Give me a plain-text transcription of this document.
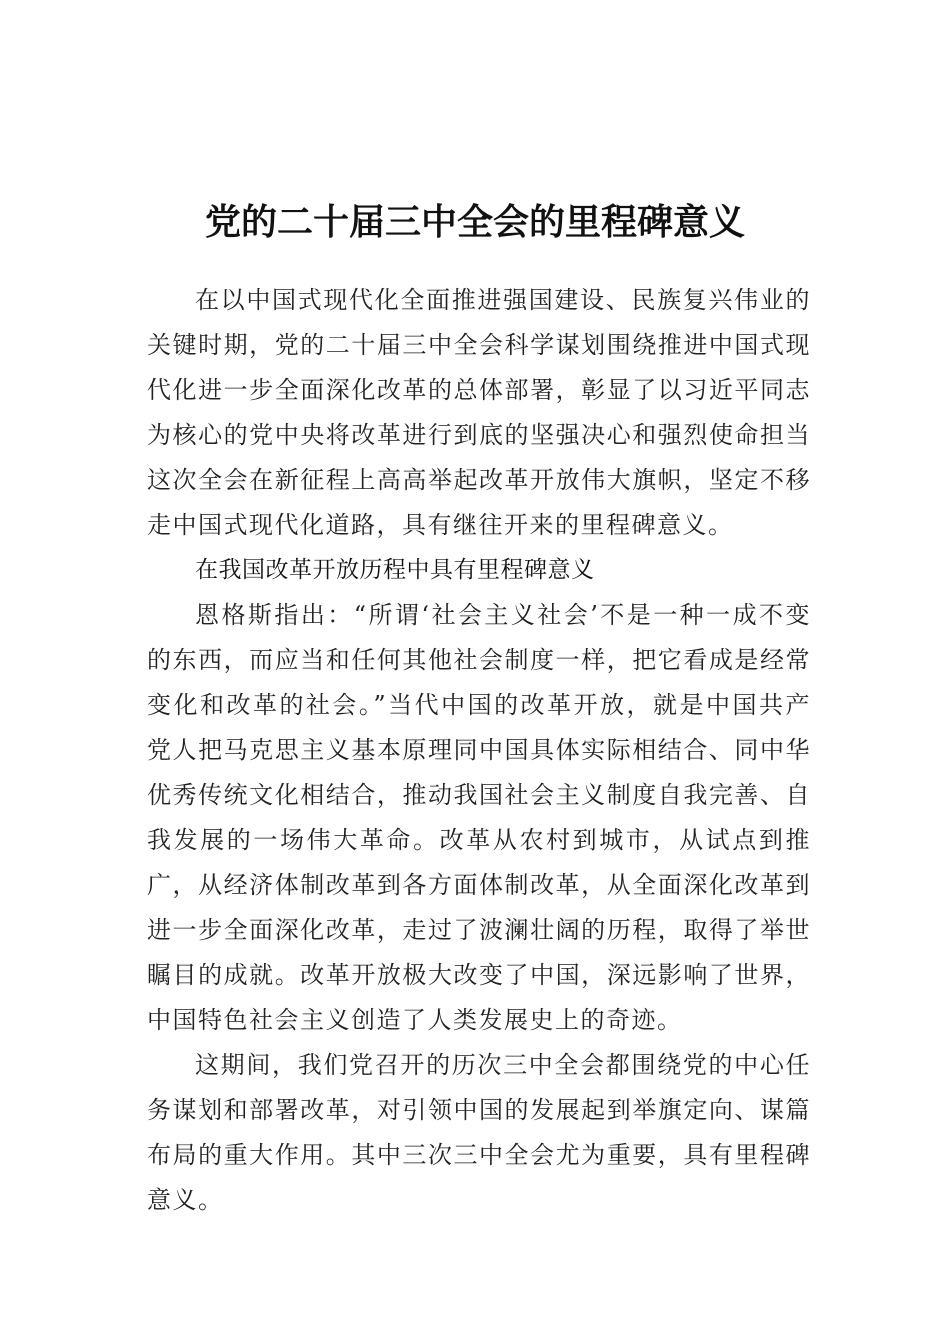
党的二十届三中全会的里程碑意义

在以中国式现代化全面推进强国建设、民族复兴伟业的关键时期，党的二十届三中全会科学谋划围绕推进中国式现代化进一步全面深化改革的总体部署，彰显了以习近平同志为核心的党中央将改革进行到底的坚强决心和强烈使命担当这次全会在新征程上高高举起改革开放伟大旗帜，坚定不移走中国式现代化道路，具有继往开来的里程碑意义。

在我国改革开放历程中具有里程碑意义

恩格斯指出：“所谓‘社会主义社会’不是一种一成不变的东西，而应当和任何其他社会制度一样，把它看成是经常变化和改革的社会。”当代中国的改革开放，就是中国共产党人把马克思主义基本原理同中国具体实际相结合、同中华优秀传统文化相结合，推动我国社会主义制度自我完善、自我发展的一场伟大革命。改革从农村到城市，从试点到推广，从经济体制改革到各方面体制改革，从全面深化改革到进一步全面深化改革，走过了波澜壮阔的历程，取得了举世瞩目的成就。改革开放极大改变了中国，深远影响了世界，中国特色社会主义创造了人类发展史上的奇迹。

这期间，我们党召开的历次三中全会都围绕党的中心任务谋划和部署改革，对引领中国的发展起到举旗定向、谋篇布局的重大作用。其中三次三中全会尤为重要，具有里程碑意义。
